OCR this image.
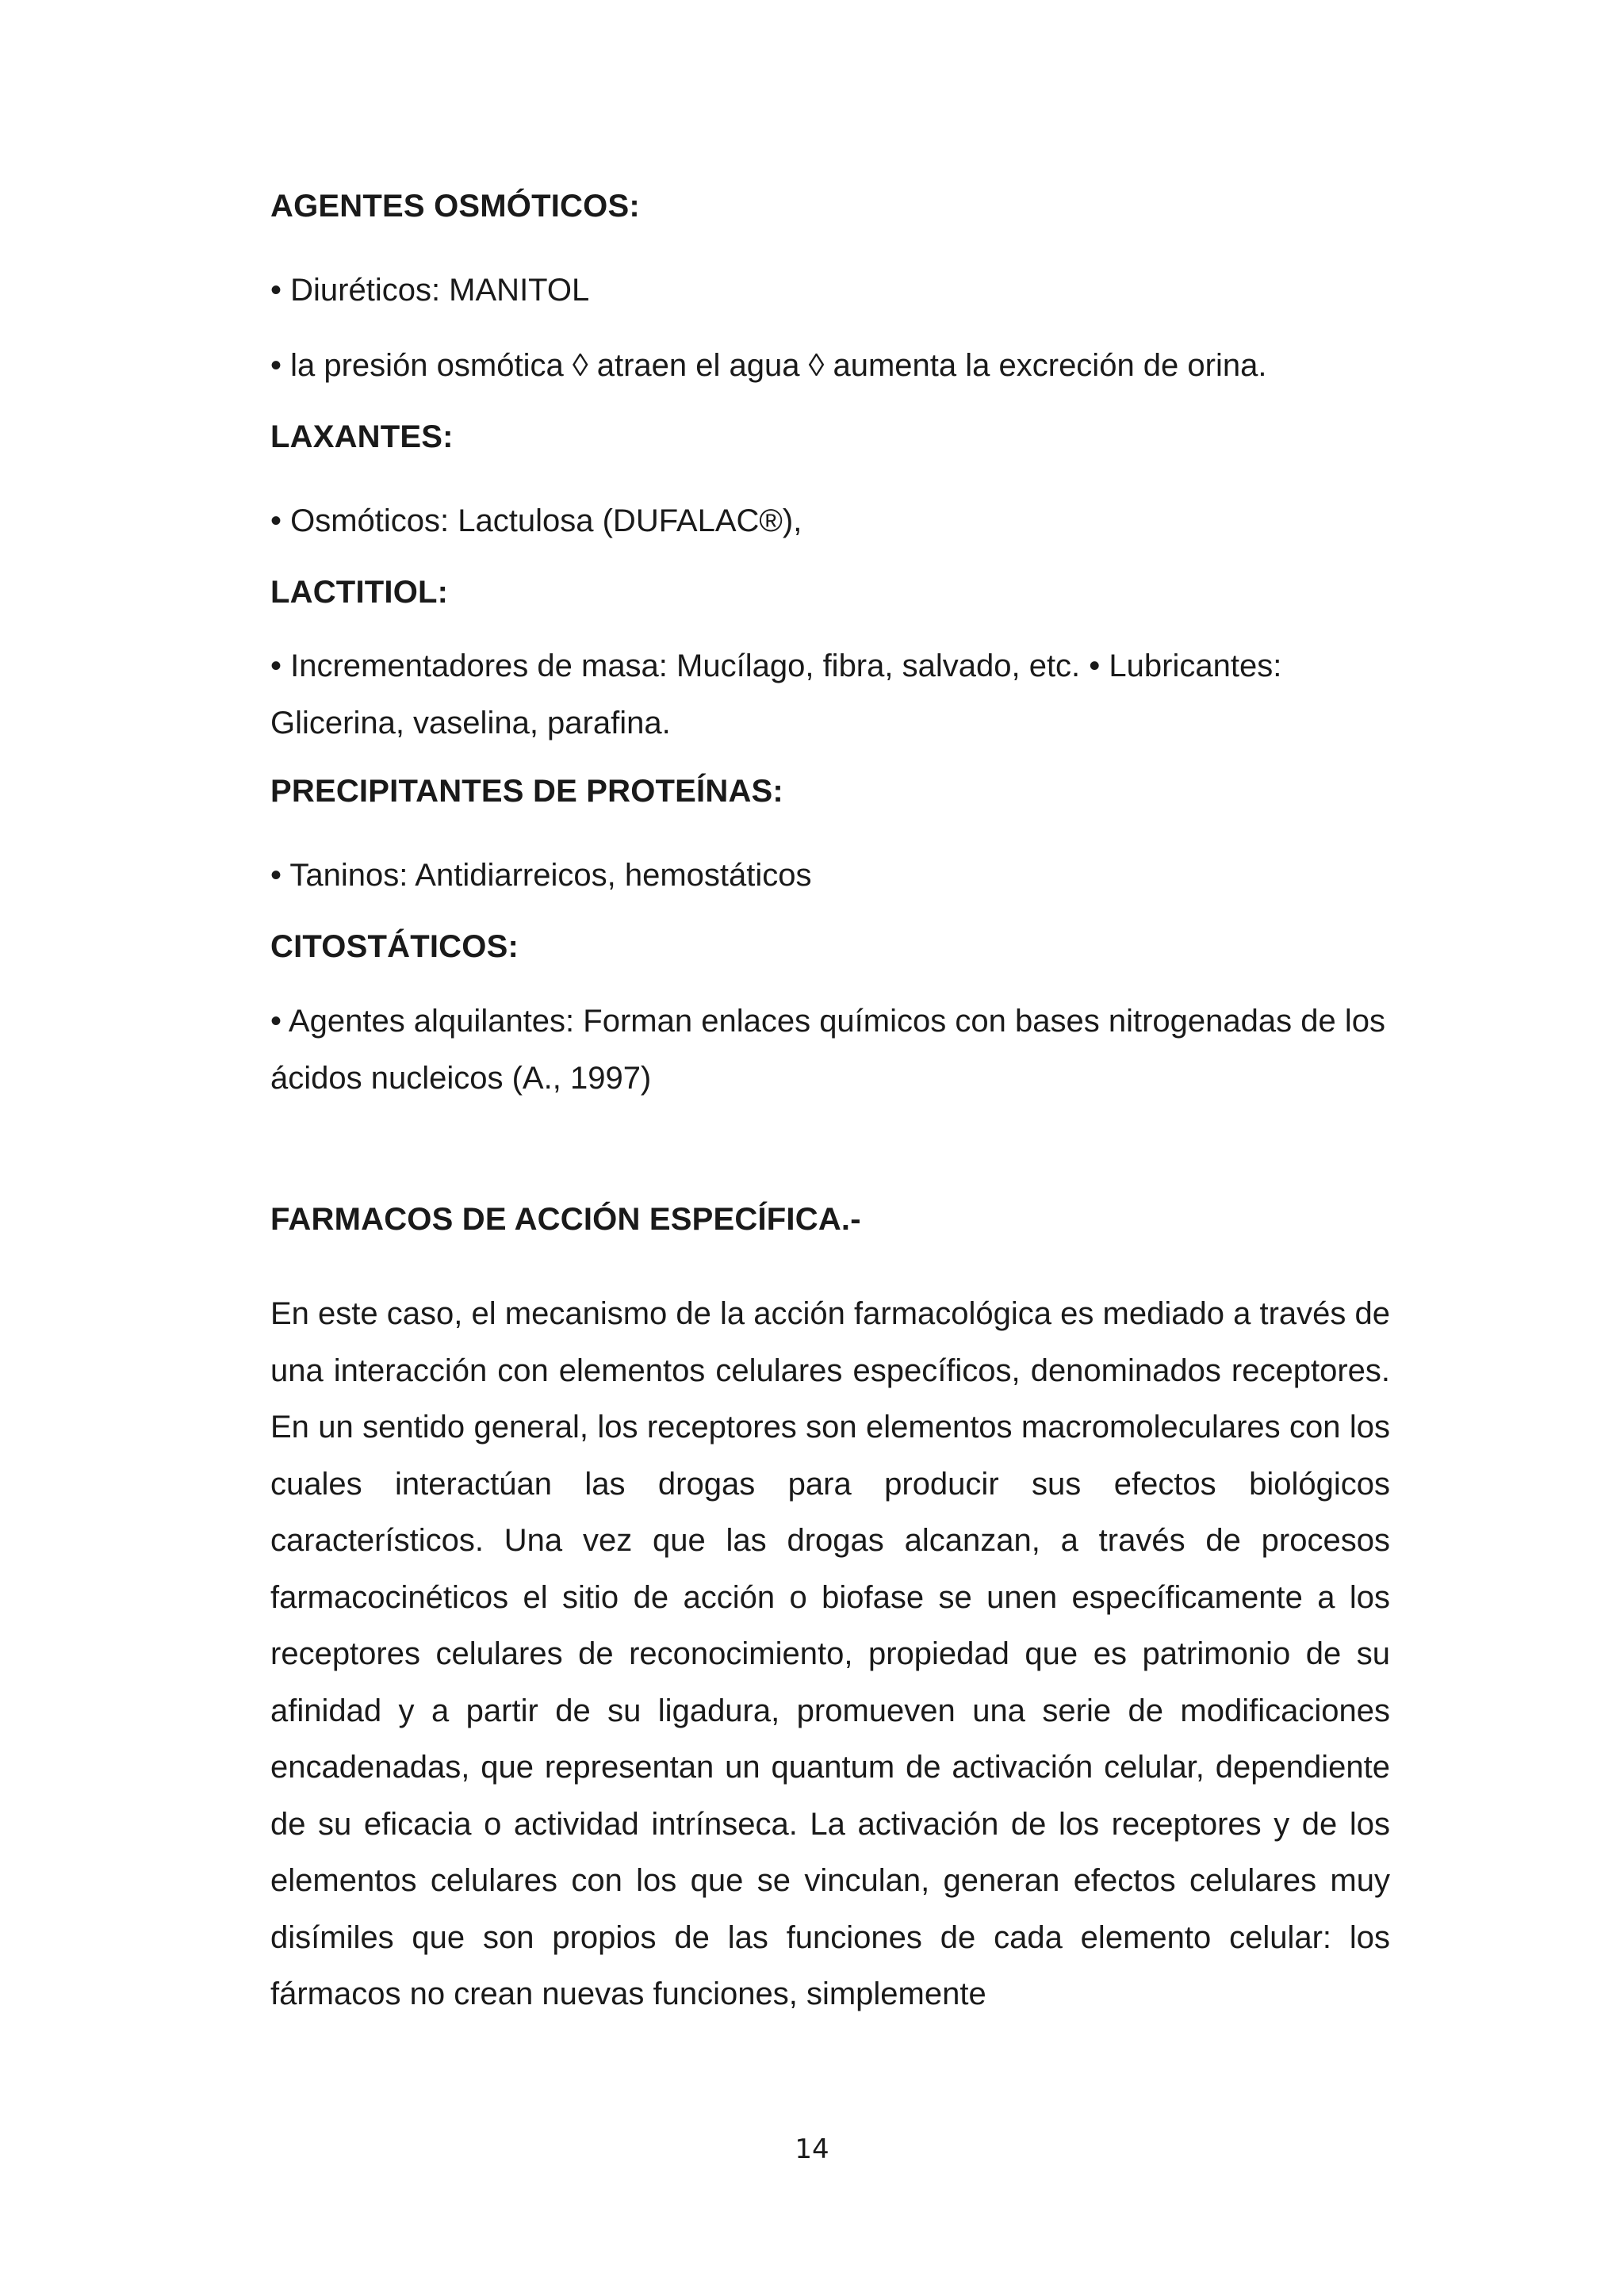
AGENTES OSMÓTICOS:

• Diuréticos: MANITOL

• la presión osmótica ◊ atraen el agua ◊ aumenta la excreción de orina.

LAXANTES:

• Osmóticos: Lactulosa (DUFALAC®),

LACTITIOL:

• Incrementadores de masa: Mucílago, fibra, salvado, etc. • Lubricantes: Glicerina, vaselina, parafina.

PRECIPITANTES DE PROTEÍNAS:

• Taninos: Antidiarreicos, hemostáticos

CITOSTÁTICOS:

• Agentes alquilantes: Forman enlaces químicos con bases nitrogenadas de los ácidos nucleicos (A., 1997)

FARMACOS DE ACCIÓN ESPECÍFICA.-

En este caso, el mecanismo de la acción farmacológica es mediado a través de una interacción con elementos celulares específicos, denominados receptores. En un sentido general, los receptores son elementos macromoleculares con los cuales interactúan las drogas para producir sus efectos biológicos característicos. Una vez que las drogas alcanzan, a través de procesos farmacocinéticos el sitio de acción o biofase se unen específicamente a los receptores celulares de reconocimiento, propiedad que es patrimonio de su afinidad y a partir de su ligadura, promueven una serie de modificaciones encadenadas, que representan un quantum de activación celular, dependiente de su eficacia o actividad intrínseca. La activación de los receptores y de los elementos celulares con los que se vinculan, generan efectos celulares muy disímiles que son propios de las funciones de cada elemento celular: los fármacos no crean nuevas funciones, simplemente

14
